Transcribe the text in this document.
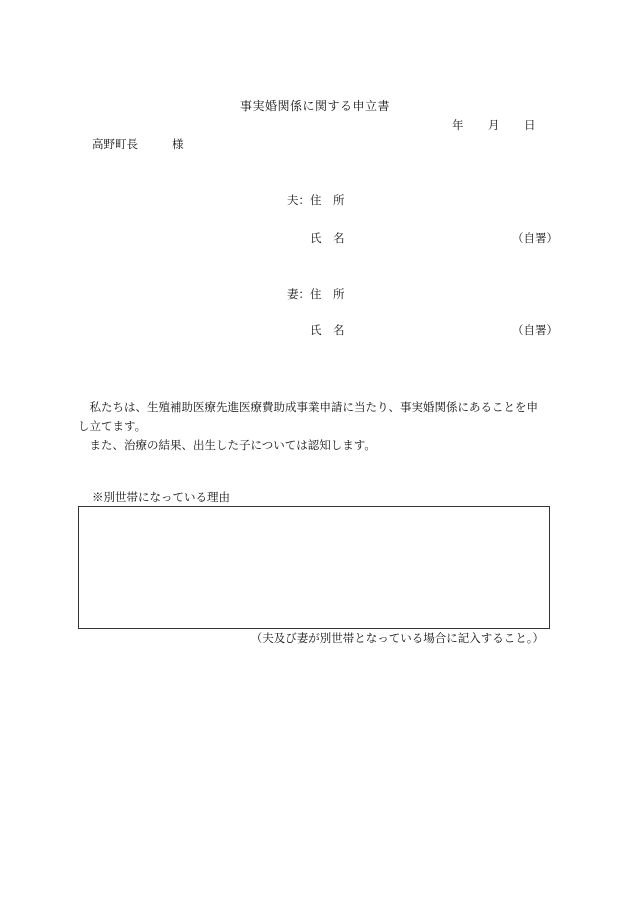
事実婚関係に関する申立書
年 月 日
高野町長	様
夫： 住　所
氏　名	（自署）
妻： 住　所
氏　名	（自署）

私たちは、生殖補助医療先進医療費助成事業申請に当たり、事実婚関係にあることを申し立てます。

また、治療の結果、出生した子については認知します。

※別世帯になっている理由
（夫及び妻が別世帯となっている場合に記入すること。）
